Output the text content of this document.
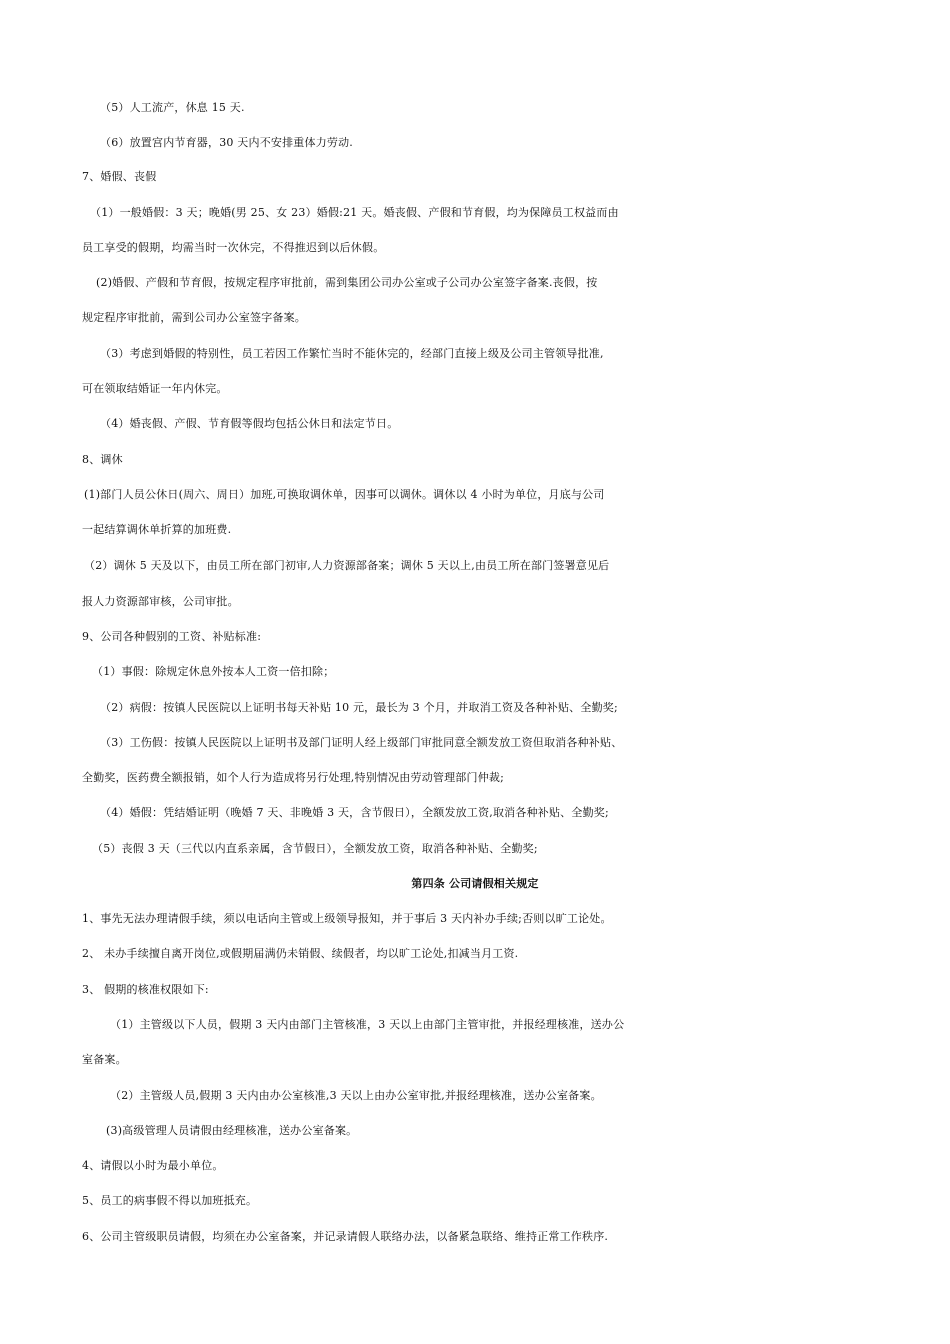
（5）人工流产，休息 15 天.
（6）放置宫内节育器，30 天内不安排重体力劳动.
7、婚假、丧假
（1）一般婚假：3 天；晚婚(男 25、女 23）婚假:21 天。婚丧假、产假和节育假，均为保障员工权益而由
员工享受的假期，均需当时一次休完，不得推迟到以后休假。
(2)婚假、产假和节育假，按规定程序审批前，需到集团公司办公室或子公司办公室签字备案.丧假，按
规定程序审批前，需到公司办公室签字备案。
（3）考虑到婚假的特别性，员工若因工作繁忙当时不能休完的，经部门直接上级及公司主管领导批准,
可在领取结婚证一年内休完。
（4）婚丧假、产假、节育假等假均包括公休日和法定节日。
8、调休
(1)部门人员公休日(周六、周日）加班,可换取调休单，因事可以调休。调休以 4 小时为单位，月底与公司
一起结算调休单折算的加班费.
（2）调休 5 天及以下，由员工所在部门初审,人力资源部备案；调休 5 天以上,由员工所在部门签署意见后
报人力资源部审核，公司审批。
9、公司各种假别的工资、补贴标准:
（1）事假：除规定休息外按本人工资一倍扣除；
（2）病假：按镇人民医院以上证明书每天补贴 10 元，最长为 3 个月，并取消工资及各种补贴、全勤奖;
（3）工伤假：按镇人民医院以上证明书及部门证明人经上级部门审批同意全额发放工资但取消各种补贴、
全勤奖，医药费全额报销，如个人行为造成将另行处理,特别情况由劳动管理部门仲裁;
（4）婚假：凭结婚证明（晚婚 7 天、非晚婚 3 天，含节假日），全额发放工资,取消各种补贴、全勤奖;
（5）丧假 3 天（三代以内直系亲属，含节假日），全额发放工资，取消各种补贴、全勤奖;
第四条 公司请假相关规定
1、事先无法办理请假手续，须以电话向主管或上级领导报知，并于事后 3 天内补办手续;否则以旷工论处。
2、 未办手续擅自离开岗位,或假期届满仍未销假、续假者，均以旷工论处,扣减当月工资.
3、 假期的核准权限如下:
（1）主管级以下人员，假期 3 天内由部门主管核准，3 天以上由部门主管审批，并报经理核准，送办公
室备案。
（2）主管级人员,假期 3 天内由办公室核准,3 天以上由办公室审批,并报经理核准，送办公室备案。
(3)高级管理人员请假由经理核准，送办公室备案。
4、请假以小时为最小单位。
5、员工的病事假不得以加班抵充。
6、公司主管级职员请假，均须在办公室备案，并记录请假人联络办法，以备紧急联络、维持正常工作秩序.
